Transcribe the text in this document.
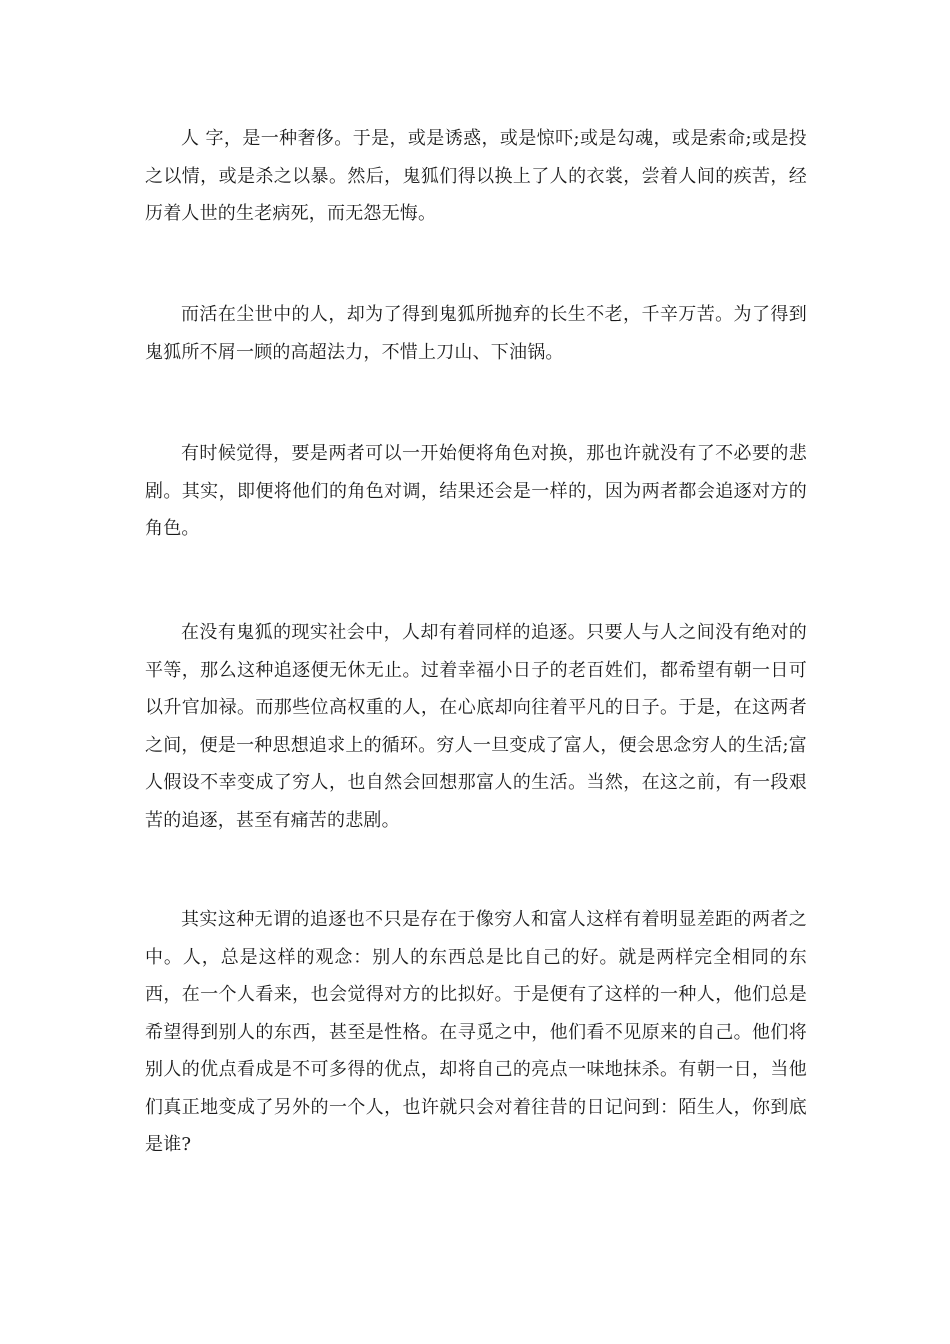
人 字，是一种奢侈。于是，或是诱惑，或是惊吓;或是勾魂，或是索命;或是投之以情，或是杀之以暴。然后，鬼狐们得以换上了人的衣裳，尝着人间的疾苦，经历着人世的生老病死，而无怨无悔。

而活在尘世中的人，却为了得到鬼狐所抛弃的长生不老，千辛万苦。为了得到鬼狐所不屑一顾的高超法力，不惜上刀山、下油锅。

有时候觉得，要是两者可以一开始便将角色对换，那也许就没有了不必要的悲剧。其实，即便将他们的角色对调，结果还会是一样的，因为两者都会追逐对方的角色。

在没有鬼狐的现实社会中，人却有着同样的追逐。只要人与人之间没有绝对的平等，那么这种追逐便无休无止。过着幸福小日子的老百姓们，都希望有朝一日可以升官加禄。而那些位高权重的人，在心底却向往着平凡的日子。于是，在这两者之间，便是一种思想追求上的循环。穷人一旦变成了富人，便会思念穷人的生活;富人假设不幸变成了穷人，也自然会回想那富人的生活。当然，在这之前，有一段艰苦的追逐，甚至有痛苦的悲剧。

其实这种无谓的追逐也不只是存在于像穷人和富人这样有着明显差距的两者之中。人，总是这样的观念：别人的东西总是比自己的好。就是两样完全相同的东西，在一个人看来，也会觉得对方的比拟好。于是便有了这样的一种人，他们总是希望得到别人的东西，甚至是性格。在寻觅之中，他们看不见原来的自己。他们将别人的优点看成是不可多得的优点，却将自己的亮点一味地抹杀。有朝一日，当他们真正地变成了另外的一个人，也许就只会对着往昔的日记问到：陌生人，你到底是谁?
